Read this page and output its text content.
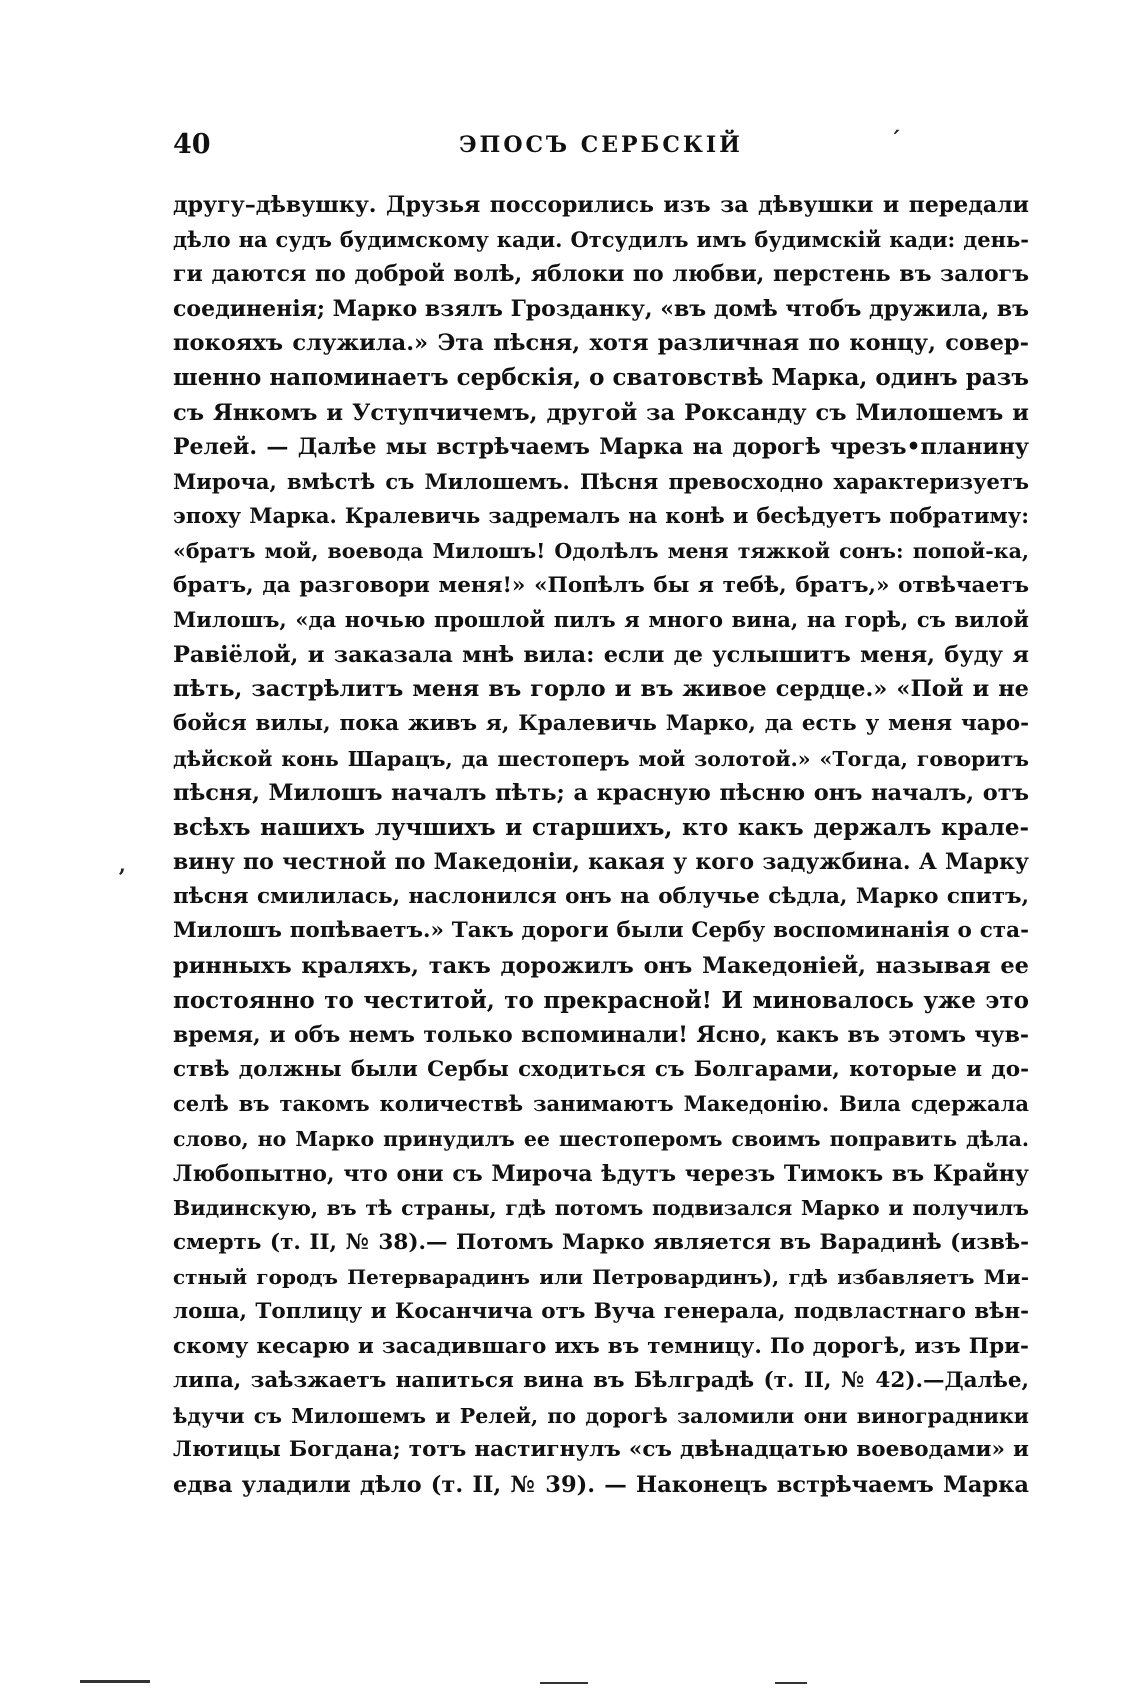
40	ЭПОСЪ СЕРБСКІЙ
другу–дѣвушку. Друзья поссорились изъ за дѣвушки и передали
дѣло на судъ будимскому кади. Отсудилъ имъ будимскій кади: день-
ги даются по доброй волѣ, яблоки по любви, перстень въ залогъ
соединенія; Марко взялъ Грозданку, «въ домѣ чтобъ дружила, въ
покояхъ служила.» Эта пѣсня, хотя различная по концу, совер-
шенно напоминаетъ сербскія, о сватовствѣ Марка, одинъ разъ
съ Янкомъ и Уступчичемъ, другой за Роксанду съ Милошемъ и
Релей. — Далѣе мы встрѣчаемъ Марка на дорогѣ чрезъ•планину
Мироча, вмѣстѣ съ Милошемъ. Пѣсня превосходно характеризуетъ
эпоху Марка. Кралевичь задремалъ на конѣ и бесѣдуетъ побратиму:
«братъ мой, воевода Милошъ! Одолѣлъ меня тяжкой сонъ: попой-ка,
братъ, да разговори меня!» «Попѣлъ бы я тебѣ, братъ,» отвѣчаетъ
Милошъ, «да ночью прошлой пилъ я много вина, на горѣ, съ вилой
Равiёлой, и заказала мнѣ вила: если де услышитъ меня, буду я
пѣть, застрѣлитъ меня въ горло и въ живое сердце.» «Пой и не
бойся вилы, пока живъ я, Кралевичь Марко, да есть у меня чаро-
дѣйской конь Шарацъ, да шестоперъ мой золотой.» «Тогда, говоритъ
пѣсня, Милошъ началъ пѣть; а красную пѣсню онъ началъ, отъ
всѣхъ нашихъ лучшихъ и старшихъ, кто какъ держалъ крале-
вину по честной по Македоніи, какая у кого задужбина. А Марку
пѣсня смилилась, наслонился онъ на облучье сѣдла, Марко спитъ,
Милошъ попѣваетъ.» Такъ дороги были Сербу воспоминанія о ста-
ринныхъ краляхъ, такъ дорожилъ онъ Македоніей, называя ее
постоянно то честитой, то прекрасной! И миновалось уже это
время, и объ немъ только вспоминали! Ясно, какъ въ этомъ чув-
ствѣ должны были Сербы сходиться съ Болгарами, которые и до-
селѣ въ такомъ количествѣ занимаютъ Македонію. Вила сдержала
слово, но Марко принудилъ ее шестоперомъ своимъ поправить дѣла.
Любопытно, что они съ Мироча ѣдутъ черезъ Тимокъ въ Крайну
Видинскую, въ тѣ страны, гдѣ потомъ подвизался Марко и получилъ
смерть (т. II, № 38).— Потомъ Марко является въ Варадинѣ (извѣ-
стный городъ Петерварадинъ или Петровардинъ), гдѣ избавляетъ Ми-
лоша, Топлицу и Косанчича отъ Вуча генерала, подвластнаго вѣн-
скому кесарю и засадившаго ихъ въ темницу. По дорогѣ, изъ При-
липа, заѣзжаетъ напиться вина въ Бѣлградѣ (т. II, № 42).—Далѣе,
ѣдучи съ Милошемъ и Релей, по дорогѣ заломили они виноградники
Лютицы Богдана; тотъ настигнулъ «съ двѣнадцатью воеводами» и
едва уладили дѣло (т. II, № 39). — Наконецъ встрѣчаемъ Марка
’
´
